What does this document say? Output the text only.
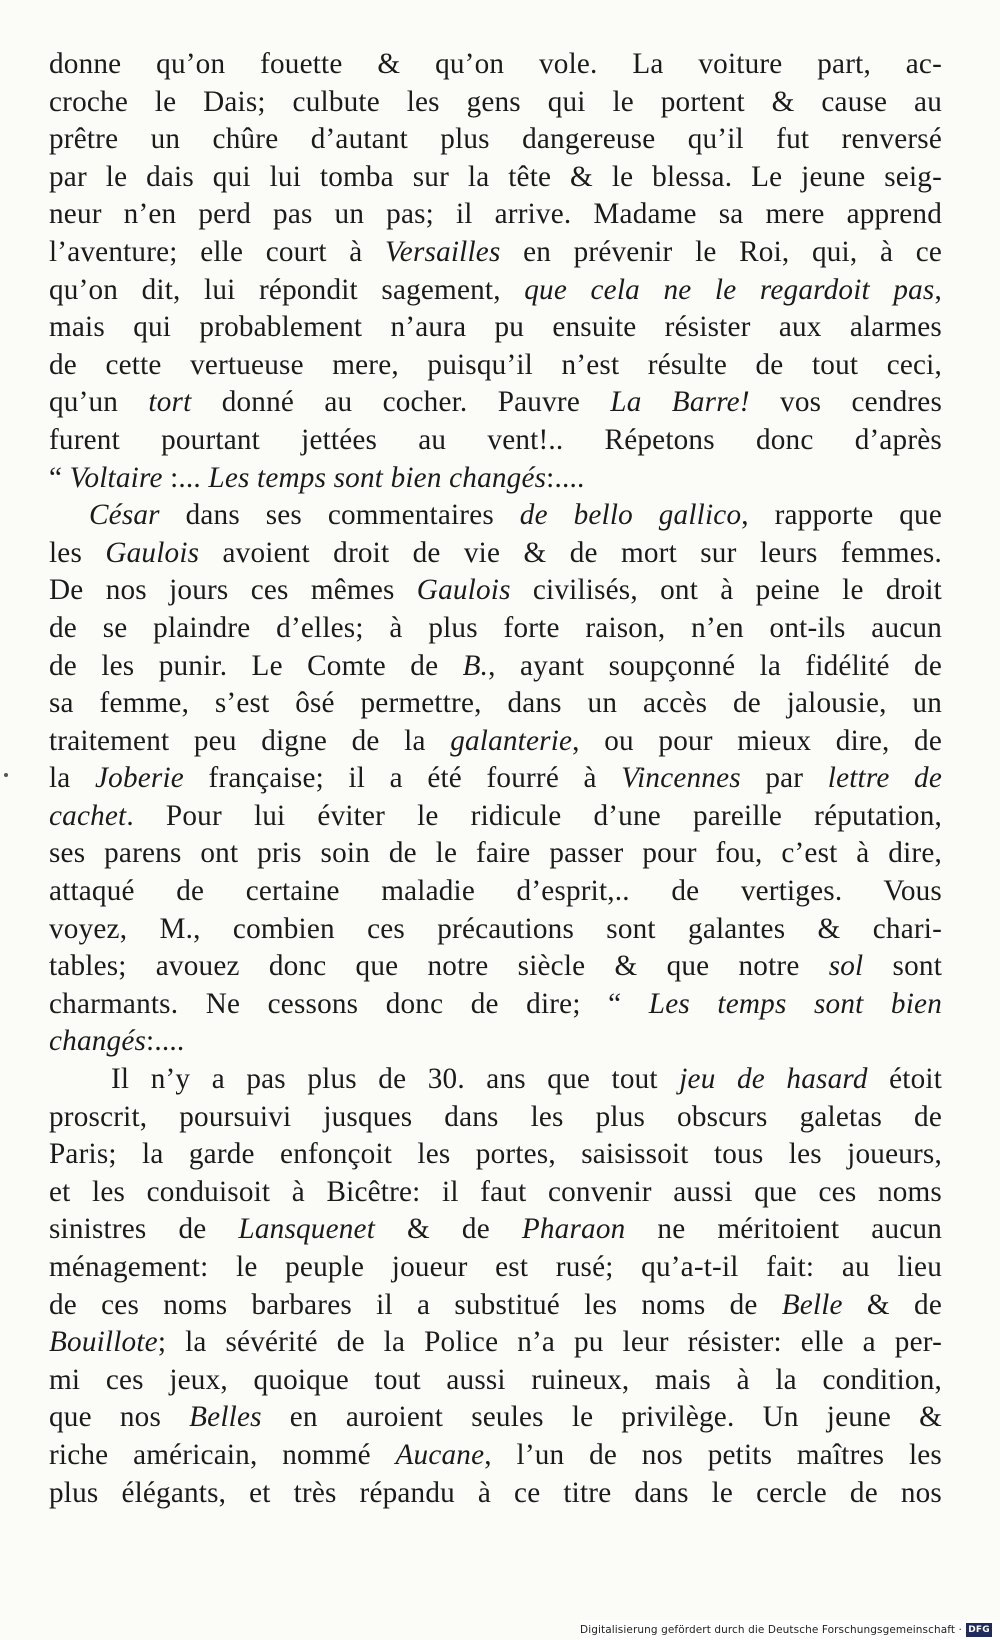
donne qu’on fouette & qu’on vole. La voiture part, ac-
croche le Dais; culbute les gens qui le portent & cause au
prêtre un chûre d’autant plus dangereuse qu’il fut renversé
par le dais qui lui tomba sur la tête & le blessa. Le jeune seig-
neur n’en perd pas un pas; il arrive. Madame sa mere apprend
l’aventure; elle court à Versailles en prévenir le Roi, qui, à ce
qu’on dit, lui répondit sagement, que cela ne le regardoit pas,
mais qui probablement n’aura pu ensuite résister aux alarmes
de cette vertueuse mere, puisqu’il n’est résulte de tout ceci,
qu’un tort donné au cocher. Pauvre La Barre! vos cendres
furent pourtant jettées au vent!.. Répetons donc d’après
“ Voltaire :... Les temps sont bien changés:....
César dans ses commentaires de bello gallico, rapporte que
les Gaulois avoient droit de vie & de mort sur leurs femmes.
De nos jours ces mêmes Gaulois civilisés, ont à peine le droit
de se plaindre d’elles; à plus forte raison, n’en ont-ils aucun
de les punir. Le Comte de B., ayant soupçonné la fidélité de
sa femme, s’est ôsé permettre, dans un accès de jalousie, un
traitement peu digne de la galanterie, ou pour mieux dire, de
la Joberie française; il a été fourré à Vincennes par lettre de
cachet. Pour lui éviter le ridicule d’une pareille réputation,
ses parens ont pris soin de le faire passer pour fou, c’est à dire,
attaqué de certaine maladie d’esprit,.. de vertiges. Vous
voyez, M., combien ces précautions sont galantes & chari-
tables; avouez donc que notre siècle & que notre sol sont
charmants. Ne cessons donc de dire; “ Les temps sont bien
changés:....
Il n’y a pas plus de 30. ans que tout jeu de hasard étoit
proscrit, poursuivi jusques dans les plus obscurs galetas de
Paris; la garde enfonçoit les portes, saisissoit tous les joueurs,
et les conduisoit à Bicêtre: il faut convenir aussi que ces noms
sinistres de Lansquenet & de Pharaon ne méritoient aucun
ménagement: le peuple joueur est rusé; qu’a-t-il fait: au lieu
de ces noms barbares il a substitué les noms de Belle & de
Bouillote; la sévérité de la Police n’a pu leur résister: elle a per-
mi ces jeux, quoique tout aussi ruineux, mais à la condition,
que nos Belles en auroient seules le privilège. Un jeune &
riche américain, nommé Aucane, l’un de nos petits maîtres les
plus élégants, et très répandu à ce titre dans le cercle de nos
Digitalisierung gefördert durch die Deutsche Forschungsgemeinschaft · DFG
